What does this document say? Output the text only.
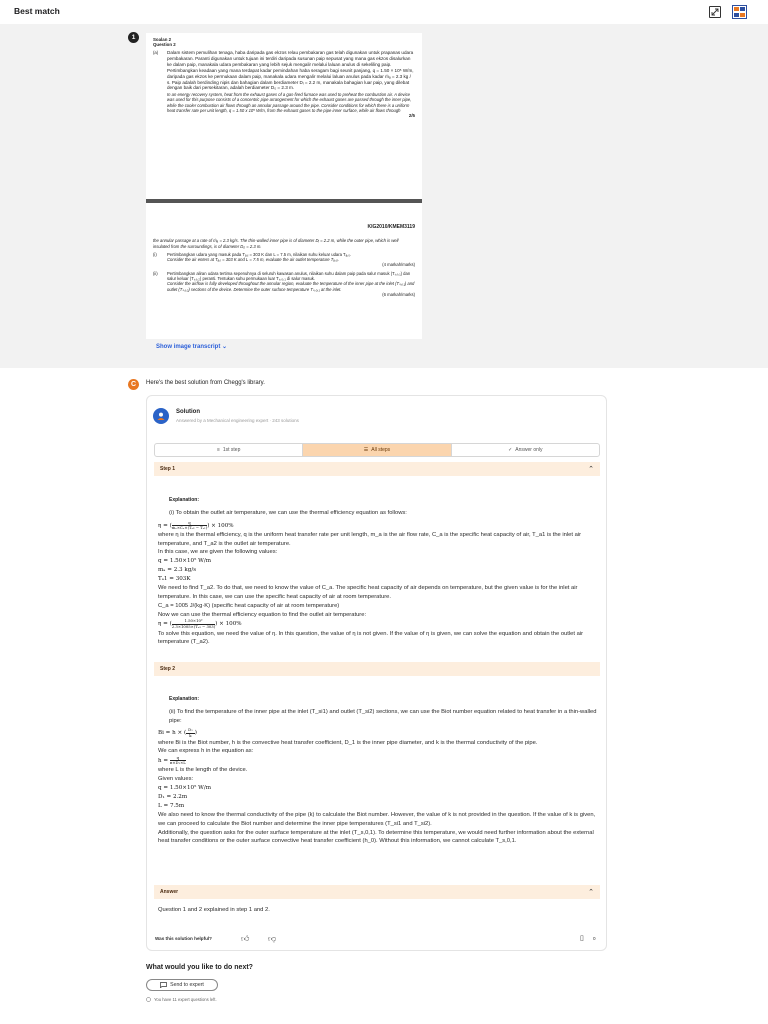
Best match
1	Soalan 2

Question 2

(a)	Dalam sistem pemulihan tenaga, haba daripada gas ekzos relau pembakaran gas telah digunakan untuk prapanas udara pembakaran. Paranti digunakan untuk tujuan ini terdiri daripada susunan paip sepusat yang mana gas ekzos disalurkan ke dalam paip, manakala udara pembakaran yang lebih sejuk mengalir melalui laluan anulus di sekeliling paip. Pertimbangkan keadaan yang mana terdapat kadar pemindahan haba seragam bagi seunit panjang, q = 1.50 × 10⁵ W/m, daripada gas ekzos ke permukaan dalam paip, manakala udara mengalir melalui laluan anulus pada kadar ṁₐ = 2.3 kg / s. Paip adalah berdinding nipis dan bahagian dalam berdiameter Dᵢ = 2.2 m, manakala bahagian luar paip, yang dilebat dengan baik dari persekitaran, adalah berdiameter D₀ = 2.3 m.

In an energy recovery system, heat from the exhaust gases of a gas-fired furnace was used to preheat the combustion air. A device was used for this purpose consists of a concentric pipe arrangement for which the exhaust gases are passed through the inner pipe, while the cooler combustion air flows through an annular passage around the pipe. Consider conditions for which there is a uniform heat transfer rate per unit length, q = 1.50 x 10⁵ W/m, from the exhaust gases to the pipe inner surface, while air flows through

2/5

KIG2010/KMEM3119

the annular passage at a rate of ṁₐ = 2.3 kg/s. The thin-walled inner pipe is of diameter Dᵢ = 2.2 m, while the outer pipe, which is well insulated from the surroundings, is of diameter D₀ = 2.3 m.

(i)	Pertimbangkan udara yang masuk pada Tₐ,ᵢ = 303 K dan L = 7.5 m, nilaikan suhu keluar udara Tₐ,₀.

Consider the air enters at Tₐ,ᵢ = 303 K and L = 7.5 m, evaluate the air outlet temperature Tₐ,₀.

(4 markah/marks)

(ii)	Pertimbangkan aliran udara tertima sepenuhnya di seluruh kawasan anulus, nilaikan suhu dalam paip pada salur masuk (Tₛ,ᵢ,₁) dan salur keluar (Tₛ,ᵢ,₂) peranti. Tentukan suhu permukaan luar Tₛ,₀,₁ di salur masuk.

Consider the airflow is fully developed throughout the annular region, evaluate the temperature of the inner pipe at the inlet (Tₛ,ᵢ,₁) and outlet (Tₛ,ᵢ,₂) sections of the device. Determine the outer surface temperature Tₛ,₀,₁ at the inlet.

(6 markah/marks)

Show image transcript ⌄
C	Here's the best solution from Chegg's library.
Solution
Answered by a Mechanical engineering expert · 243 solutions
≡ 1st step	☰ All steps	✓ Answer only
Step 1	⌃

Explanation:

(i) To obtain the outlet air temperature, we can use the thermal efficiency equation as follows:

η = ( $\frac{q}{\text{ṁₐ×Cₐ×(Tₐ₂ − Tₐ₁)}}$ ) × 100%

where η is the thermal efficiency, q is the uniform heat transfer rate per unit length, m_a is the air flow rate, C_a is the specific heat capacity of air, T_a1 is the inlet air temperature, and T_a2 is the outlet air temperature.

In this case, we are given the following values:

q = 1.50×10⁵ W/m

mₐ = 2.3 kg/s

Tₐ1 = 303K

We need to find T_a2. To do that, we need to know the value of C_a. The specific heat capacity of air depends on temperature, but the given value is for the inlet air temperature. In this case, we can use the specific heat capacity of air at room temperature.

C_a = 1005 J/(kg·K) (specific heat capacity of air at room temperature)

Now we can use the thermal efficiency equation to find the outlet air temperature:

η = ( $\frac{\text{1.50×10⁵}}{\text{2.3×1005×(Tₐ₂ − 303)}}$ ) × 100%

To solve this equation, we need the value of η. In this question, the value of η is not given. If the value of η is given, we can solve the equation and obtain the outlet air temperature (T_a2).

Step 2

Explanation:

(ii) To find the temperature of the inner pipe at the inlet (T_si1) and outlet (T_si2) sections, we can use the Biot number equation related to heat transfer in a thin-walled pipe:

Bi = h × ( $\frac{\text{D₁}}{k}$ )

where Bi is the Biot number, h is the convective heat transfer coefficient, D_1 is the inner pipe diameter, and k is the thermal conductivity of the pipe.

We can express h in the equation as:

$h = \frac{q}{\text{π×D₁×L}}$

where L is the length of the device.

Given values:

q = 1.50×10⁵ W/m

D₁ = 2.2m

L = 7.5m

We also need to know the thermal conductivity of the pipe (k) to calculate the Biot number. However, the value of k is not provided in the question. If the value of k is given, we can proceed to calculate the Biot number and determine the inner pipe temperatures (T_si1 and T_si2).

Additionally, the question asks for the outer surface temperature at the inlet (T_s,0,1). To determine this temperature, we would need further information about the external heat transfer conditions or the outer surface convective heat transfer coefficient (h_0). Without this information, we cannot calculate T_s,0,1.

Answer	⌃
Question 1 and 2 explained in step 1 and 2.
Was this solution helpful?	👍︎ 👎︎	▯ 0
What would you like to do next?
Send to expert
You have 11 expert questions left.
